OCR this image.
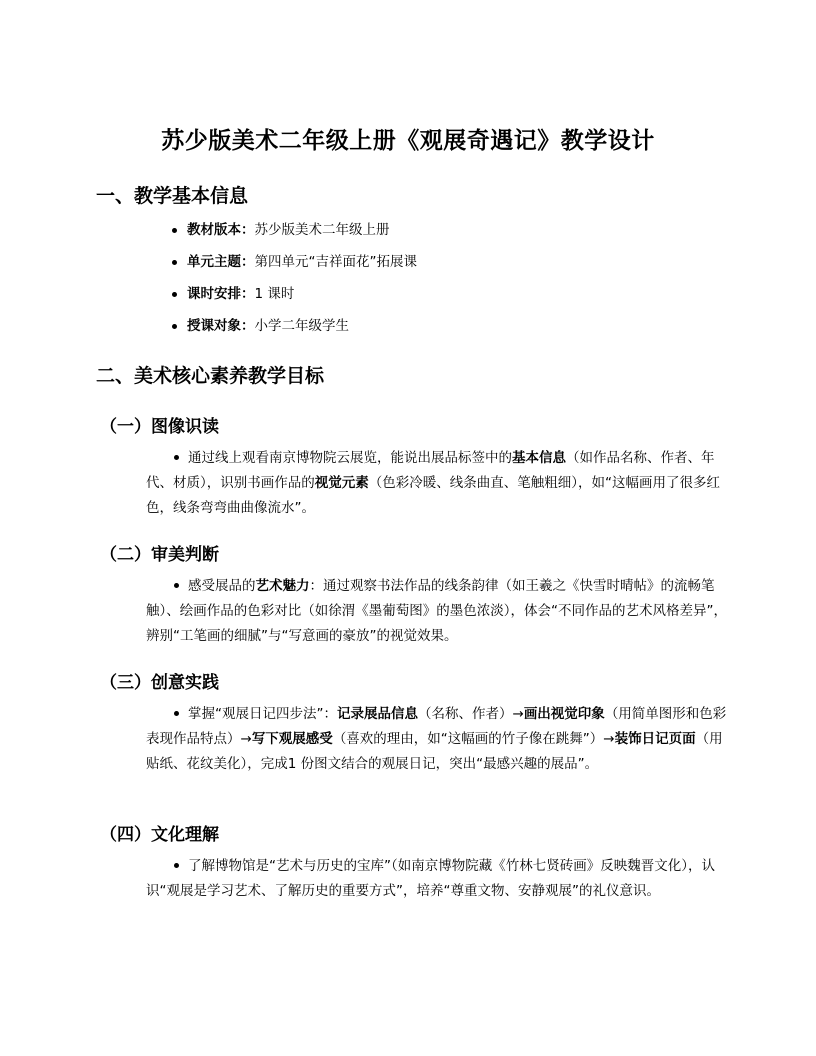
苏少版美术二年级上册《观展奇遇记》教学设计
一、教学基本信息
教材版本：苏少版美术二年级上册
单元主题：第四单元“吉祥面花”拓展课
课时安排：1 课时
授课对象：小学二年级学生
二、美术核心素养教学目标
（一）图像识读

通过线上观看南京博物院云展览，能说出展品标签中的基本信息（如作品名称、作者、年代、材质），识别书画作品的视觉元素（色彩冷暖、线条曲直、笔触粗细），如“这幅画用了很多红色，线条弯弯曲曲像流水”。

（二）审美判断

感受展品的艺术魅力：通过观察书法作品的线条韵律（如王羲之《快雪时晴帖》的流畅笔触）、绘画作品的色彩对比（如徐渭《墨葡萄图》的墨色浓淡），体会“不同作品的艺术风格差异”，辨别“工笔画的细腻”与“写意画的豪放”的视觉效果。

（三）创意实践

掌握“观展日记四步法”：记录展品信息（名称、作者）→画出视觉印象（用简单图形和色彩表现作品特点）→写下观展感受（喜欢的理由，如“这幅画的竹子像在跳舞”）→装饰日记页面（用贴纸、花纹美化），完成1 份图文结合的观展日记，突出“最感兴趣的展品”。

（四）文化理解

了解博物馆是“艺术与历史的宝库”（如南京博物院藏《竹林七贤砖画》反映魏晋文化），认识“观展是学习艺术、了解历史的重要方式”，培养“尊重文物、安静观展”的礼仪意识。
